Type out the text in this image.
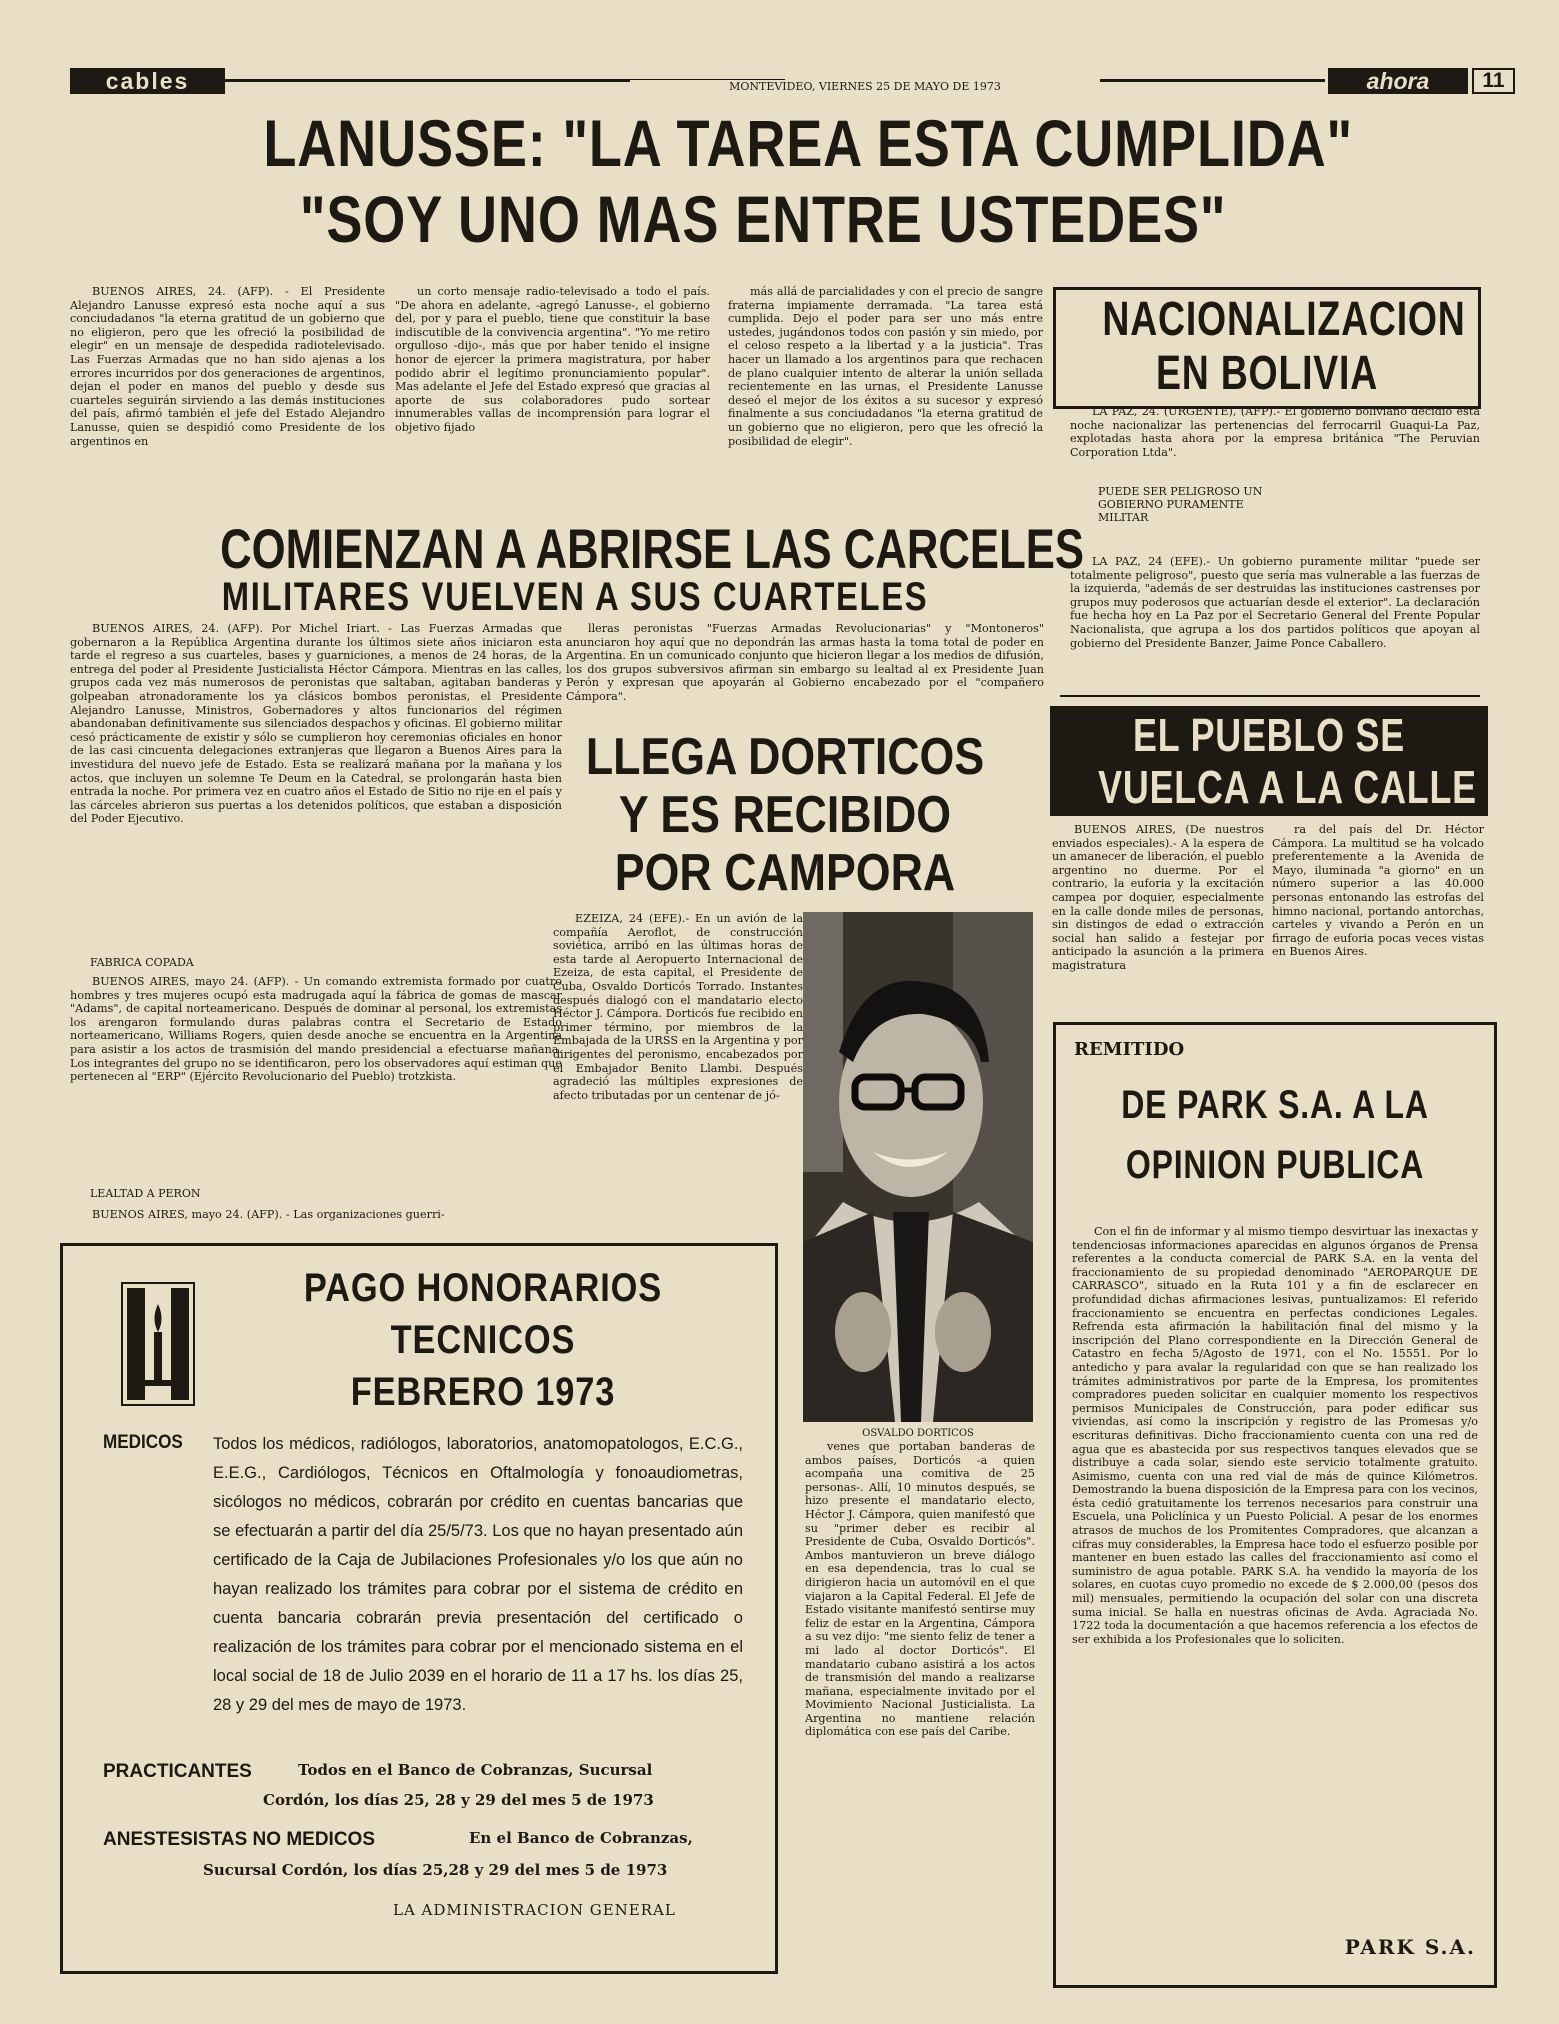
cables	MONTEVIDEO, VIERNES 25 DE MAYO DE 1973	ahora	11
LANUSSE: "LA TAREA ESTA CUMPLIDA"
"SOY UNO MAS ENTRE USTEDES"

BUENOS AIRES, 24. (AFP). - El Presidente Alejandro Lanusse expresó esta noche aquí a sus conciudadanos "la eterna gratitud de un gobierno que no eligieron, pero que les ofreció la posibilidad de elegir" en un mensaje de despedida radiotelevisado. Las Fuerzas Armadas que no han sido ajenas a los errores incurridos por dos generaciones de argentinos, dejan el poder en manos del pueblo y desde sus cuarteles seguirán sirviendo a las demás instituciones del país, afirmó también el jefe del Estado Alejandro Lanusse, quien se despidió como Presidente de los argentinos en

un corto mensaje radio-televisado a todo el país. "De ahora en adelante, -agregó Lanusse-, el gobierno del, por y para el pueblo, tiene que constituir la base indiscutible de la convivencia argentina". "Yo me retiro orgulloso -dijo-, más que por haber tenido el insigne honor de ejercer la primera magistratura, por haber podido abrir el legítimo pronunciamiento popular". Mas adelante el Jefe del Estado expresó que gracias al aporte de sus colaboradores pudo sortear innumerables vallas de incomprensión para lograr el objetivo fijado

más allá de parcialidades y con el precio de sangre fraterna impiamente derramada. "La tarea está cumplida. Dejo el poder para ser uno más entre ustedes, jugándonos todos con pasión y sin miedo, por el celoso respeto a la libertad y a la justicia". Tras hacer un llamado a los argentinos para que rechacen de plano cualquier intento de alterar la unión sellada recientemente en las urnas, el Presidente Lanusse deseó el mejor de los éxitos a su sucesor y expresó finalmente a sus conciudadanos "la eterna gratitud de un gobierno que no eligieron, pero que les ofreció la posibilidad de elegir".

COMIENZAN A ABRIRSE LAS CARCELES
MILITARES VUELVEN A SUS CUARTELES

BUENOS AIRES, 24. (AFP). Por Michel Iriart. - Las Fuerzas Armadas que gobernaron a la República Argentina durante los últimos siete años iniciaron esta tarde el regreso a sus cuarteles, bases y guarniciones, a menos de 24 horas, de la entrega del poder al Presidente Justicialista Héctor Cámpora. Mientras en las calles, grupos cada vez más numerosos de peronistas que saltaban, agitaban banderas y golpeaban atronadoramente los ya clásicos bombos peronistas, el Presidente Alejandro Lanusse, Ministros, Gobernadores y altos funcionarios del régimen abandonaban definitivamente sus silenciados despachos y oficinas. El gobierno militar cesó prácticamente de existir y sólo se cumplieron hoy ceremonias oficiales en honor de las casi cincuenta delegaciones extranjeras que llegaron a Buenos Aires para la investidura del nuevo jefe de Estado. Esta se realizará mañana por la mañana y los actos, que incluyen un solemne Te Deum en la Catedral, se prolongarán hasta bien entrada la noche. Por primera vez en cuatro años el Estado de Sitio no rije en el país y las cárceles abrieron sus puertas a los detenidos políticos, que estaban a disposición del Poder Ejecutivo.

FABRICA COPADA

BUENOS AIRES, mayo 24. (AFP). - Un comando extremista formado por cuatro hombres y tres mujeres ocupó esta madrugada aquí la fábrica de gomas de mascar "Adams", de capital norteamericano. Después de dominar al personal, los extremistas los arengaron formulando duras palabras contra el Secretario de Estado norteamericano, Williams Rogers, quien desde anoche se encuentra en la Argentina para asistir a los actos de trasmisión del mando presidencial a efectuarse mañana. Los integrantes del grupo no se identificaron, pero los observadores aquí estiman que pertenecen al "ERP" (Ejército Revolucionario del Pueblo) trotzkista.

LEALTAD A PERON

BUENOS AIRES, mayo 24. (AFP). - Las organizaciones guerri-

lleras peronistas "Fuerzas Armadas Revolucionarias" y "Montoneros" anunciaron hoy aquí que no depondrán las armas hasta la toma total de poder en Argentina. En un comunicado conjunto que hicieron llegar a los medios de difusión, los dos grupos subversivos afirman sin embargo su lealtad al ex Presidente Juan Perón y expresan que apoyarán al Gobierno encabezado por el "compañero Cámpora".

LLEGA DORTICOS
Y ES RECIBIDO
POR CAMPORA

EZEIZA, 24 (EFE).- En un avión de la compañía Aeroflot, de construcción soviética, arribó en las últimas horas de esta tarde al Aeropuerto Internacional de Ezeiza, de esta capital, el Presidente de Cuba, Osvaldo Dorticós Torrado. Instantes después dialogó con el mandatario electo Héctor J. Cámpora. Dorticós fue recibido en primer término, por miembros de la Embajada de la URSS en la Argentina y por dirigentes del peronismo, encabezados por el Embajador Benito Llambi. Después agradeció las múltiples expresiones de afecto tributadas por un centenar de jó-

OSVALDO DORTICOS

venes que portaban banderas de ambos países, Dorticós -a quien acompaña una comitiva de 25 personas-. Allí, 10 minutos después, se hizo presente el mandatario electo, Héctor J. Cámpora, quien manifestó que su "primer deber es recibir al Presidente de Cuba, Osvaldo Dorticós". Ambos mantuvieron un breve diálogo en esa dependencia, tras lo cual se dirigieron hacia un automóvil en el que viajaron a la Capital Federal. El Jefe de Estado visitante manifestó sentirse muy feliz de estar en la Argentina, Cámpora a su vez dijo: "me siento feliz de tener a mi lado al doctor Dorticós". El mandatario cubano asistirá a los actos de transmisión del mando a realizarse mañana, especialmente invitado por el Movimiento Nacional Justicialista. La Argentina no mantiene relación diplomática con ese país del Caribe.

NACIONALIZACION
EN BOLIVIA

LA PAZ, 24. (URGENTE), (AFP).- El gobierno boliviano decidió esta noche nacionalizar las pertenencias del ferrocarril Guaqui-La Paz, explotadas hasta ahora por la empresa británica "The Peruvian Corporation Ltda".

PUEDE SER PELIGROSO UN GOBIERNO PURAMENTE MILITAR

LA PAZ, 24 (EFE).- Un gobierno puramente militar "puede ser totalmente peligroso", puesto que sería mas vulnerable a las fuerzas de la izquierda, "además de ser destruidas las instituciones castrenses por grupos muy poderosos que actuarían desde el exterior". La declaración fue hecha hoy en La Paz por el Secretario General del Frente Popular Nacionalista, que agrupa a los dos partidos políticos que apoyan al gobierno del Presidente Banzer, Jaime Ponce Caballero.

EL PUEBLO SE
VUELCA A LA CALLE

BUENOS AIRES, (De nuestros enviados especiales).- A la espera de un amanecer de liberación, el pueblo argentino no duerme. Por el contrario, la euforia y la excitación campea por doquier, especialmente en la calle donde miles de personas, sin distingos de edad o extracción social han salido a festejar por anticipado la asunción a la primera magistratura

ra del país del Dr. Héctor Cámpora. La multitud se ha volcado preferentemente a la Avenida de Mayo, iluminada "a giorno" en un número superior a las 40.000 personas entonando las estrofas del himno nacional, portando antorchas, carteles y vivando a Perón en un firrago de euforia pocas veces vistas en Buenos Aires.

REMITIDO
DE PARK S.A. A LA
OPINION PUBLICA

Con el fin de informar y al mismo tiempo desvirtuar las inexactas y tendenciosas informaciones aparecidas en algunos órganos de Prensa referentes a la conducta comercial de PARK S.A. en la venta del fraccionamiento de su propiedad denominado "AEROPARQUE DE CARRASCO", situado en la Ruta 101 y a fin de esclarecer en profundidad dichas afirmaciones lesivas, puntualizamos: El referido fraccionamiento se encuentra en perfectas condiciones Legales. Refrenda esta afirmación la habilitación final del mismo y la inscripción del Plano correspondiente en la Dirección General de Catastro en fecha 5/Agosto de 1971, con el No. 15551. Por lo antedicho y para avalar la regularidad con que se han realizado los trámites administrativos por parte de la Empresa, los promitentes compradores pueden solicitar en cualquier momento los respectivos permisos Municipales de Construcción, para poder edificar sus viviendas, así como la inscripción y registro de las Promesas y/o escrituras definitivas. Dicho fraccionamiento cuenta con una red de agua que es abastecida por sus respectivos tanques elevados que se distribuye a cada solar, siendo este servicio totalmente gratuito. Asimismo, cuenta con una red vial de más de quince Kilómetros. Demostrando la buena disposición de la Empresa para con los vecinos, ésta cedió gratuitamente los terrenos necesarios para construir una Escuela, una Policlínica y un Puesto Policial. A pesar de los enormes atrasos de muchos de los Promitentes Compradores, que alcanzan a cifras muy considerables, la Empresa hace todo el esfuerzo posible por mantener en buen estado las calles del fraccionamiento así como el suministro de agua potable. PARK S.A. ha vendido la mayoría de los solares, en cuotas cuyo promedio no excede de $ 2.000,00 (pesos dos mil) mensuales, permitiendo la ocupación del solar con una discreta suma inicial. Se halla en nuestras oficinas de Avda. Agraciada No. 1722 toda la documentación a que hacemos referencia a los efectos de ser exhibida a los Profesionales que lo soliciten.

PARK S.A.
PAGO HONORARIOS
TECNICOS
FEBRERO 1973
MEDICOS Todos los médicos, radiólogos, laboratorios, anatomopatologos, E.C.G., E.E.G., Cardiólogos, Técnicos en Oftalmología y fonoaudiometras, sicólogos no médicos, cobrarán por crédito en cuentas bancarias que se efectuarán a partir del día 25/5/73. Los que no hayan presentado aún certificado de la Caja de Jubilaciones Profesionales y/o los que aún no hayan realizado los trámites para cobrar por el sistema de crédito en cuenta bancaria cobrarán previa presentación del certificado o realización de los trámites para cobrar por el mencionado sistema en el local social de 18 de Julio 2039 en el horario de 11 a 17 hs. los días 25, 28 y 29 del mes de mayo de 1973.
PRACTICANTES	Todos en el Banco de Cobranzas, Sucursal
Cordón, los días 25, 28 y 29 del mes 5 de 1973
ANESTESISTAS NO MEDICOS	En el Banco de Cobranzas,
Sucursal Cordón, los días 25,28 y 29 del mes 5 de 1973
LA ADMINISTRACION GENERAL
